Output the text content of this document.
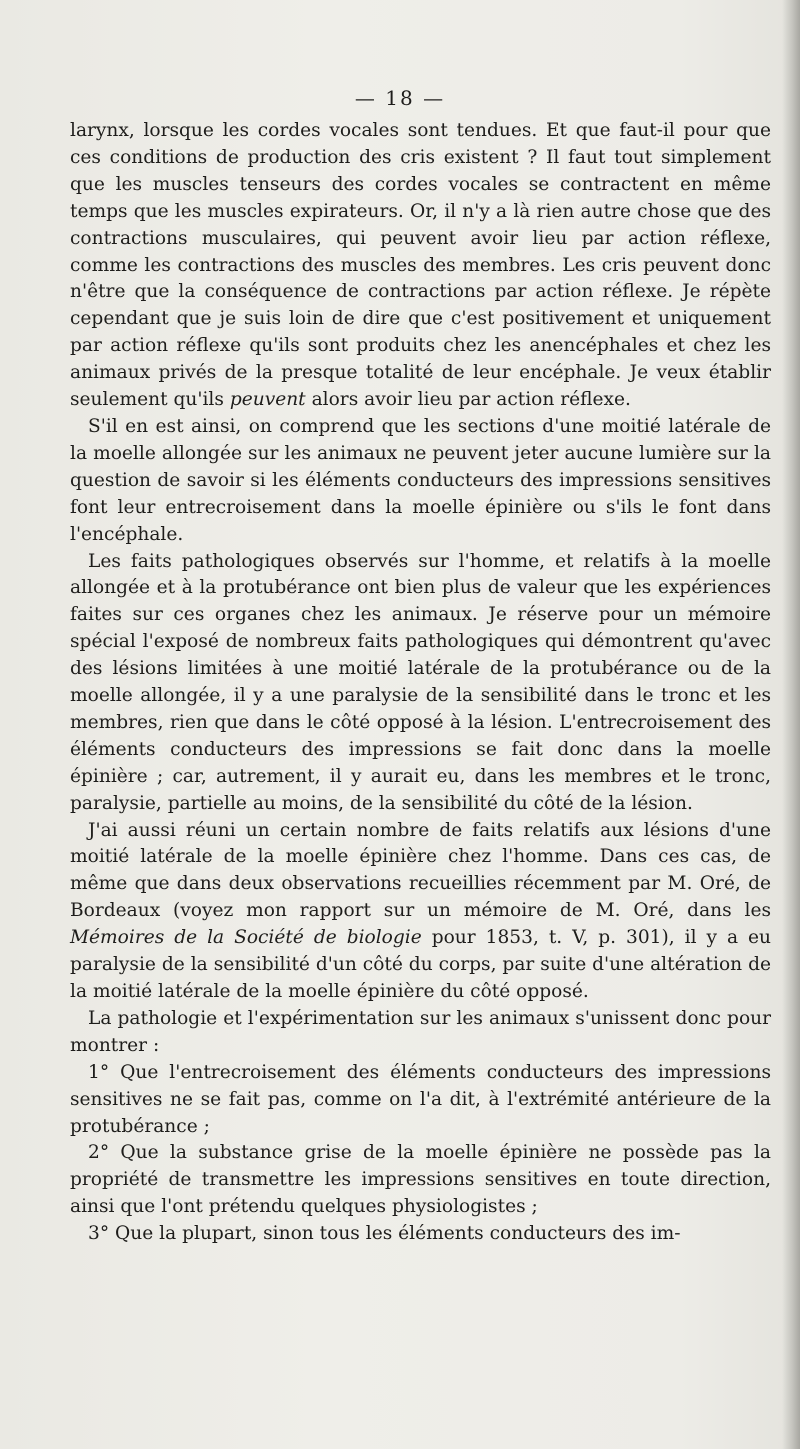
— 18 —

larynx, lorsque les cordes vocales sont tendues. Et que faut-il pour que ces conditions de production des cris existent ? Il faut tout simplement que les muscles tenseurs des cordes vocales se contractent en même temps que les muscles expirateurs. Or, il n'y a là rien autre chose que des contractions musculaires, qui peuvent avoir lieu par action réflexe, comme les contractions des muscles des membres. Les cris peuvent donc n'être que la conséquence de contractions par action réflexe. Je répète cependant que je suis loin de dire que c'est positivement et uniquement par action réflexe qu'ils sont produits chez les anencéphales et chez les animaux privés de la presque totalité de leur encéphale. Je veux établir seulement qu'ils peuvent alors avoir lieu par action réflexe.

S'il en est ainsi, on comprend que les sections d'une moitié latérale de la moelle allongée sur les animaux ne peuvent jeter aucune lumière sur la question de savoir si les éléments conducteurs des impressions sensitives font leur entrecroisement dans la moelle épinière ou s'ils le font dans l'encéphale.

Les faits pathologiques observés sur l'homme, et relatifs à la moelle allongée et à la protubérance ont bien plus de valeur que les expériences faites sur ces organes chez les animaux. Je réserve pour un mémoire spécial l'exposé de nombreux faits pathologiques qui démontrent qu'avec des lésions limitées à une moitié latérale de la protubérance ou de la moelle allongée, il y a une paralysie de la sensibilité dans le tronc et les membres, rien que dans le côté opposé à la lésion. L'entrecroisement des éléments conducteurs des impressions se fait donc dans la moelle épinière ; car, autrement, il y aurait eu, dans les membres et le tronc, paralysie, partielle au moins, de la sensibilité du côté de la lésion.

J'ai aussi réuni un certain nombre de faits relatifs aux lésions d'une moitié latérale de la moelle épinière chez l'homme. Dans ces cas, de même que dans deux observations recueillies récemment par M. Oré, de Bordeaux (voyez mon rapport sur un mémoire de M. Oré, dans les Mémoires de la Société de biologie pour 1853, t. V, p. 301), il y a eu paralysie de la sensibilité d'un côté du corps, par suite d'une altération de la moitié latérale de la moelle épinière du côté opposé.

La pathologie et l'expérimentation sur les animaux s'unissent donc pour montrer :

1° Que l'entrecroisement des éléments conducteurs des impressions sensitives ne se fait pas, comme on l'a dit, à l'extrémité antérieure de la protubérance ;

2° Que la substance grise de la moelle épinière ne possède pas la propriété de transmettre les impressions sensitives en toute direction, ainsi que l'ont prétendu quelques physiologistes ;

3° Que la plupart, sinon tous les éléments conducteurs des im-
